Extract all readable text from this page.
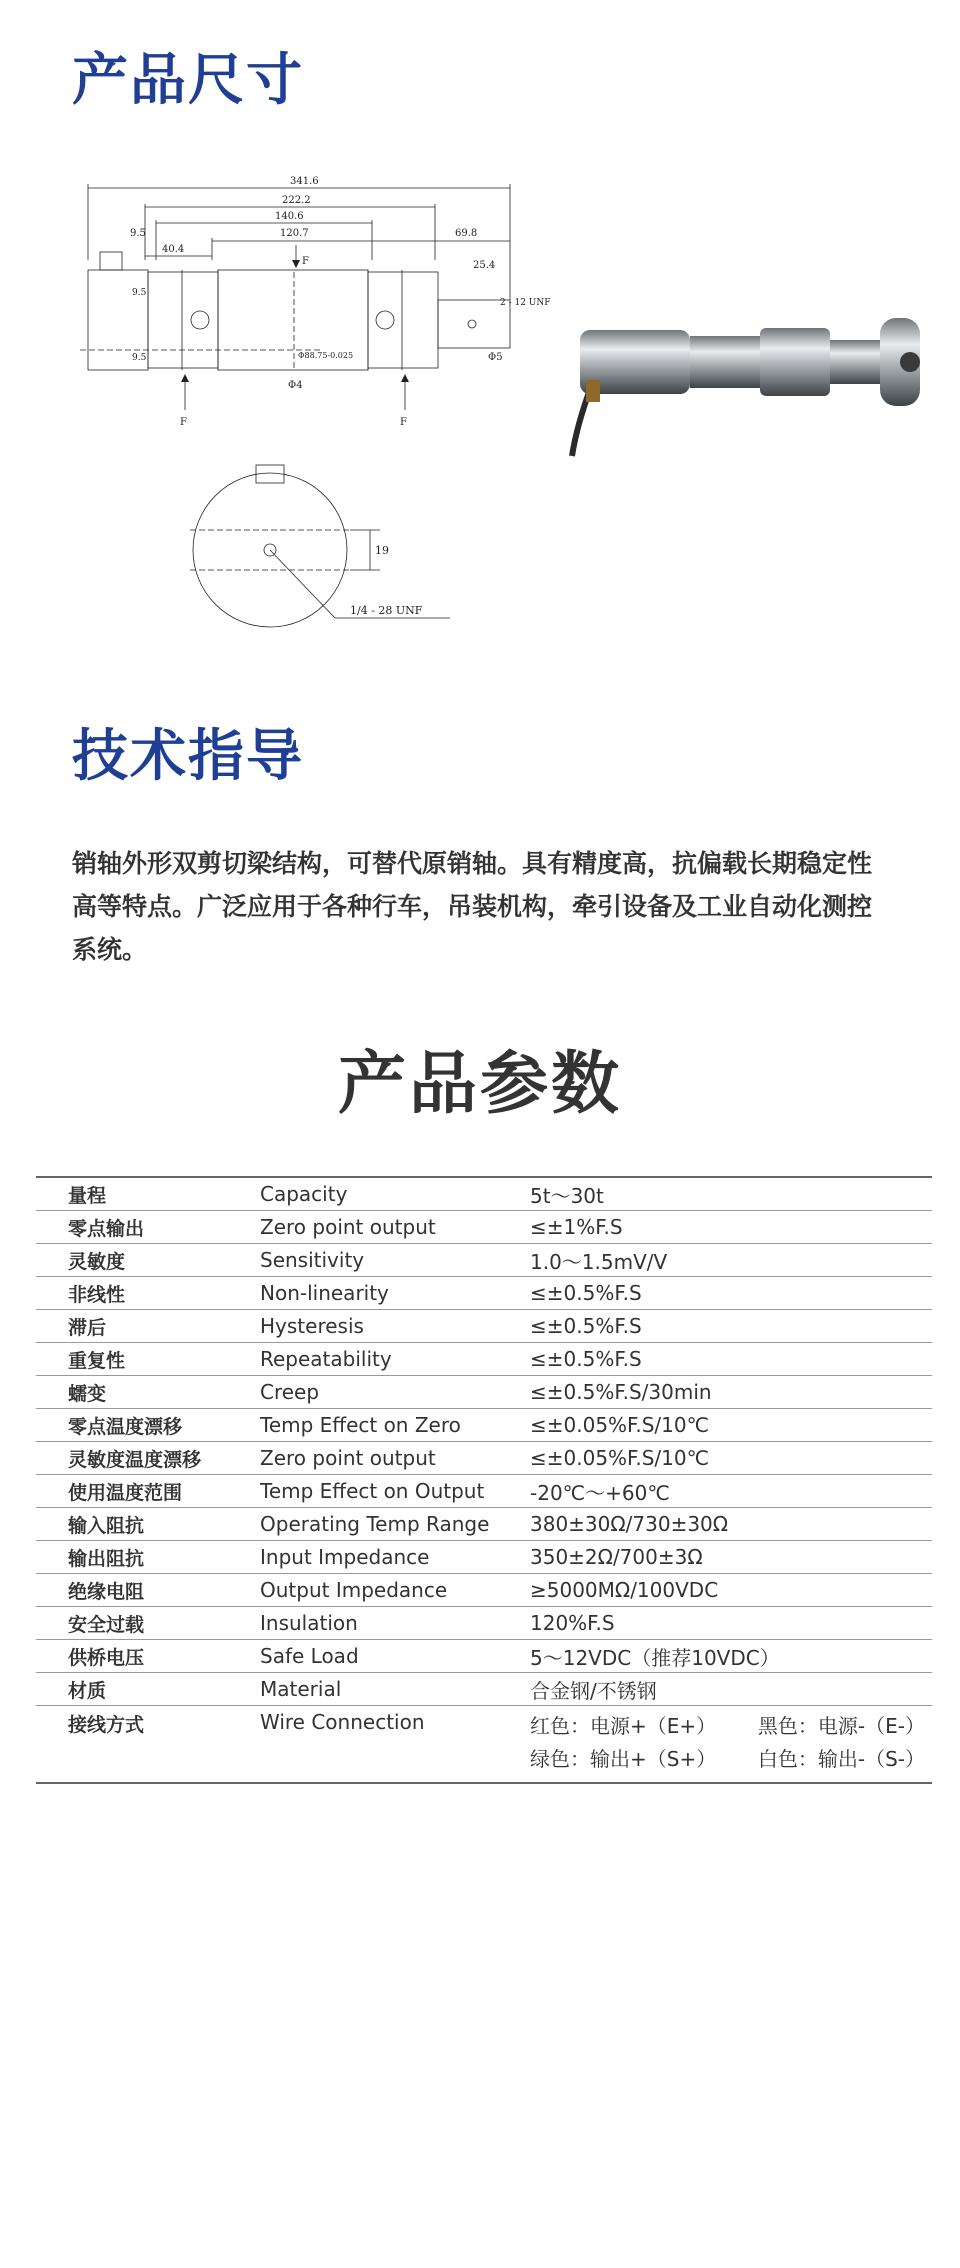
产品尺寸
341.6
222.2
140.6
120.7	69.8
40.4
9.5
25.4
Φ88.75-0.025
Φ4
Φ5
2 - 12 UNF
F	F
F
9.5
9.5
19
1/4 - 28 UNF
技术指导

销轴外形双剪切梁结构，可替代原销轴。具有精度高，抗偏载长期稳定性高等特点。广泛应用于各种行车，吊装机构，牵引设备及工业自动化测控系统。

产品参数
量程	Capacity	5t～30t
零点输出	Zero point output	≤±1%F.S
灵敏度	Sensitivity	1.0～1.5mV/V
非线性	Non-linearity	≤±0.5%F.S
滞后	Hysteresis	≤±0.5%F.S
重复性	Repeatability	≤±0.5%F.S
蠕变	Creep	≤±0.5%F.S/30min
零点温度漂移	Temp Effect on Zero	≤±0.05%F.S/10℃
灵敏度温度漂移	Zero point output	≤±0.05%F.S/10℃
使用温度范围	Temp Effect on Output	-20℃～+60℃
输入阻抗	Operating Temp Range	380±30Ω/730±30Ω
输出阻抗	Input Impedance	350±2Ω/700±3Ω
绝缘电阻	Output Impedance	≥5000MΩ/100VDC
安全过载	Insulation	120%F.S
供桥电压	Safe Load	5～12VDC（推荐10VDC）
材质	Material	合金钢/不锈钢
接线方式	Wire Connection	红色：电源+（E+） 黑色：电源-（E-）
绿色：输出+（S+） 白色：输出-（S-）
